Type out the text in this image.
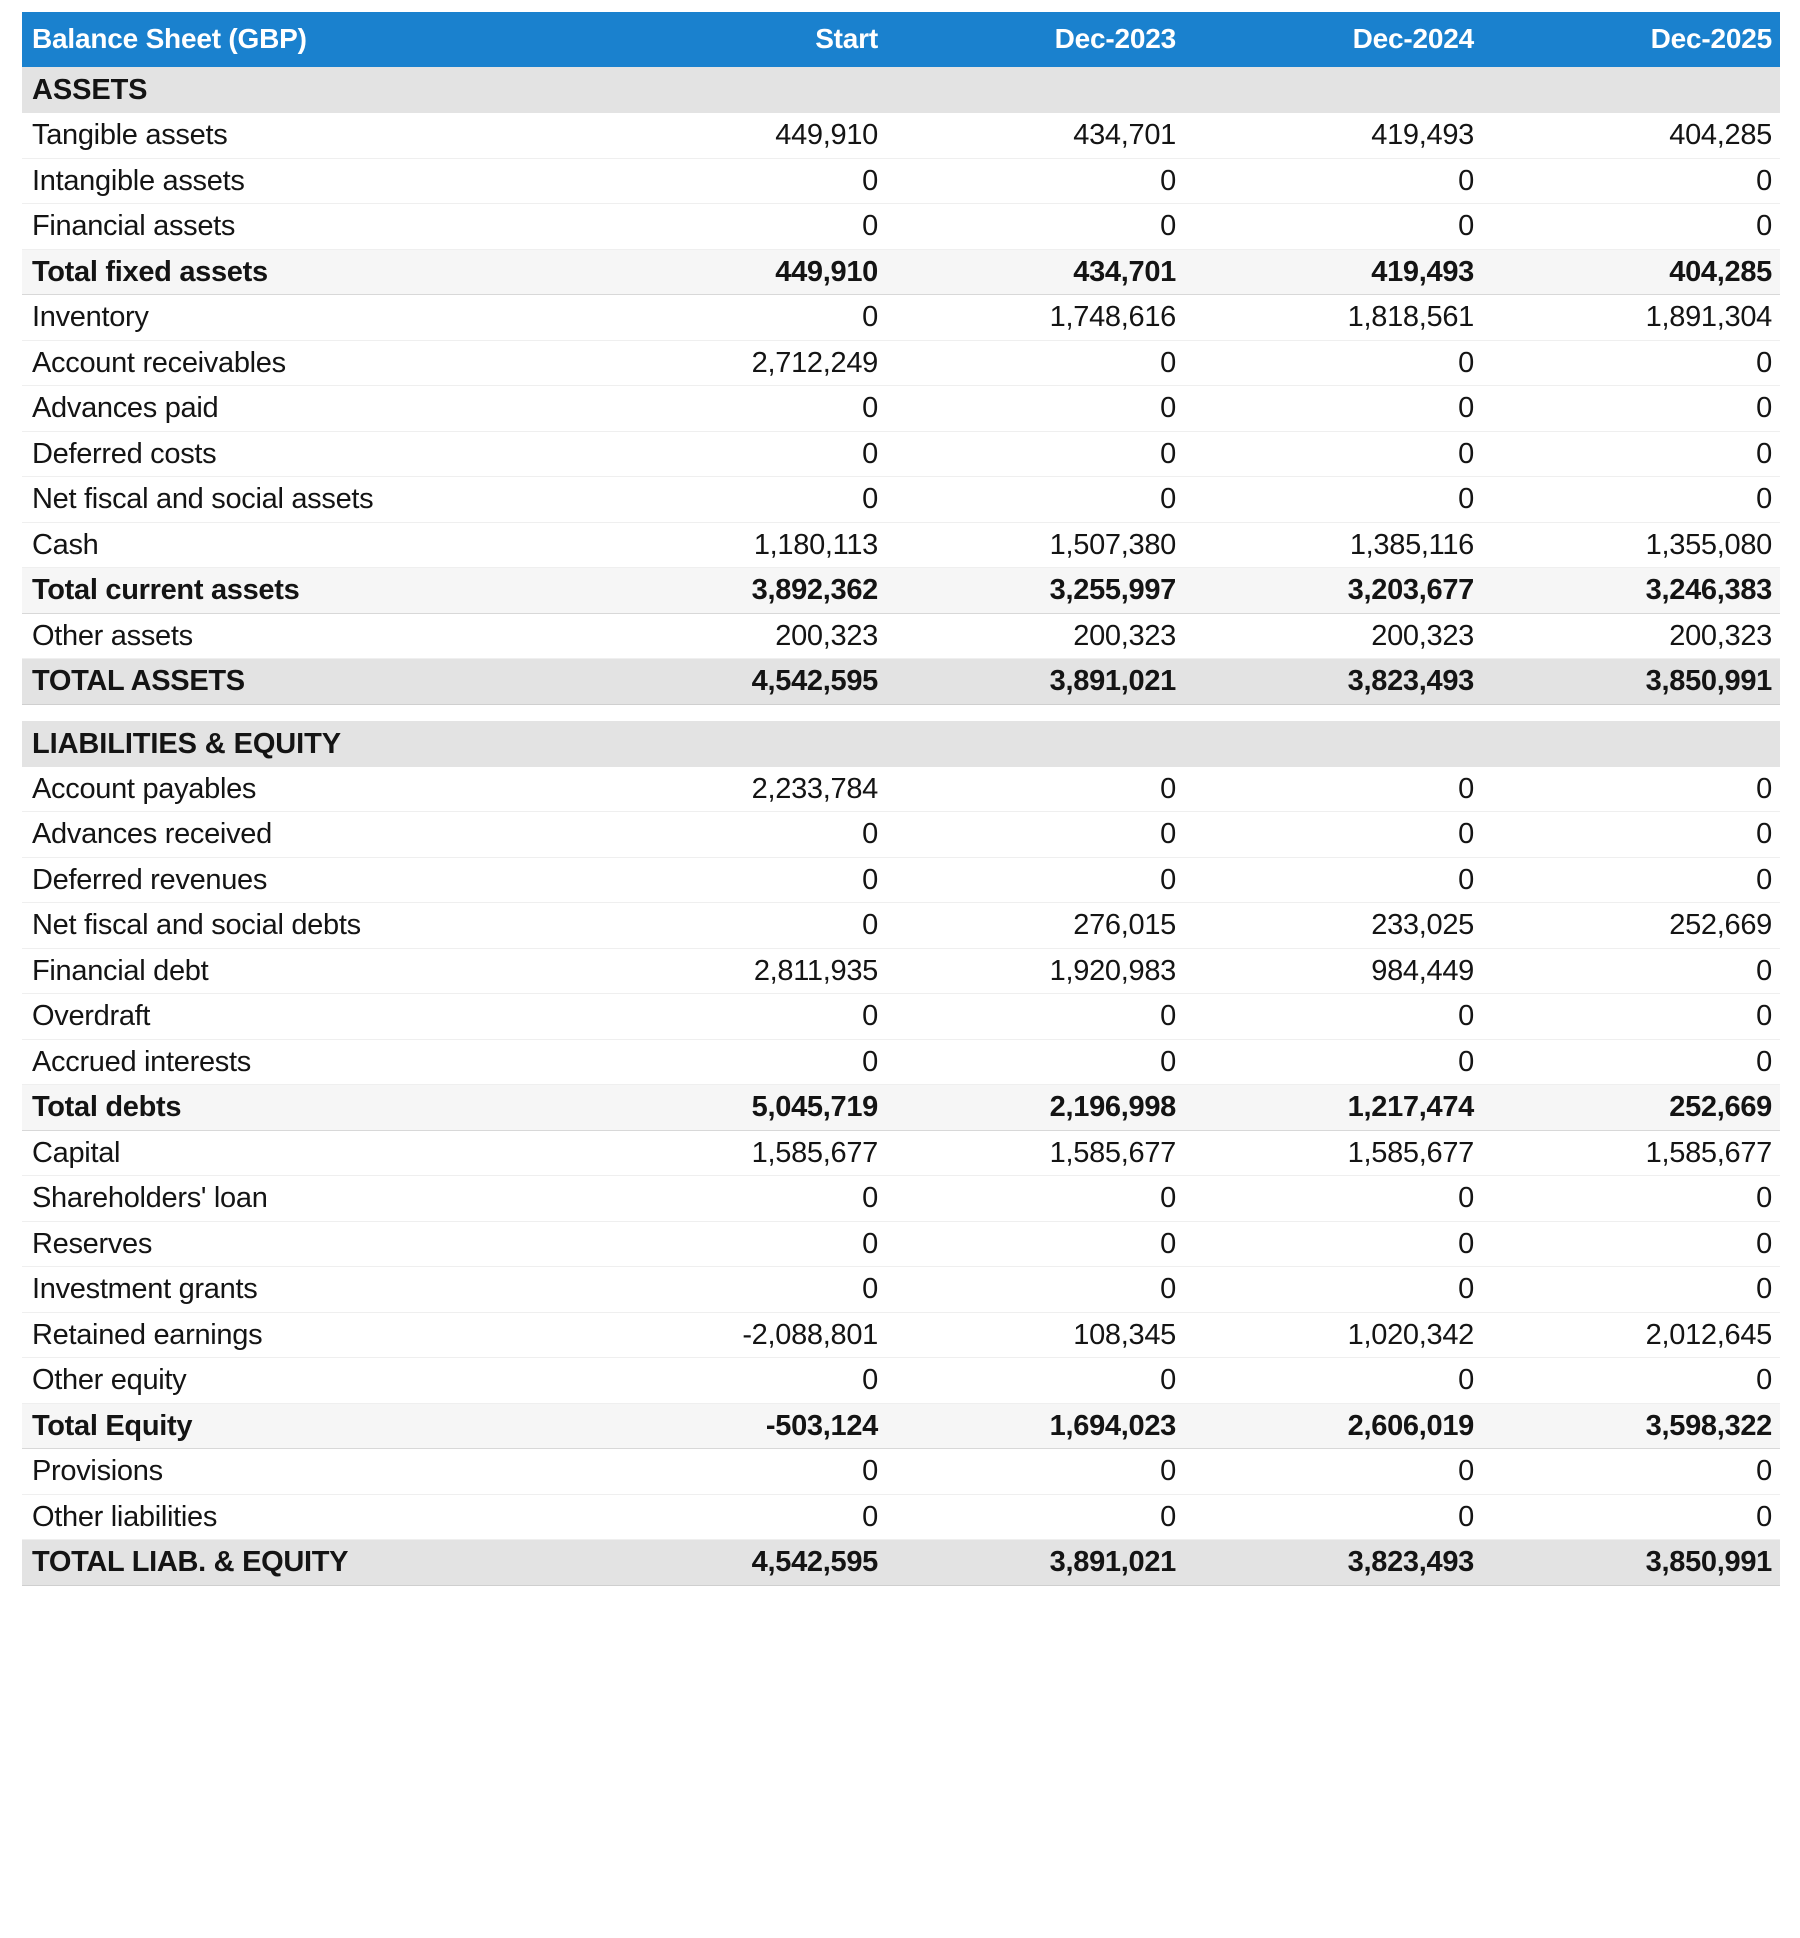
Balance Sheet (GBP)	Start	Dec-2023	Dec-2024	Dec-2025
ASSETS				
Tangible assets	449,910	434,701	419,493	404,285
Intangible assets	0	0	0	0
Financial assets	0	0	0	0
Total fixed assets	449,910	434,701	419,493	404,285
Inventory	0	1,748,616	1,818,561	1,891,304
Account receivables	2,712,249	0	0	0
Advances paid	0	0	0	0
Deferred costs	0	0	0	0
Net fiscal and social assets	0	0	0	0
Cash	1,180,113	1,507,380	1,385,116	1,355,080
Total current assets	3,892,362	3,255,997	3,203,677	3,246,383
Other assets	200,323	200,323	200,323	200,323
TOTAL ASSETS	4,542,595	3,891,021	3,823,493	3,850,991

LIABILITIES & EQUITY				
Account payables	2,233,784	0	0	0
Advances received	0	0	0	0
Deferred revenues	0	0	0	0
Net fiscal and social debts	0	276,015	233,025	252,669
Financial debt	2,811,935	1,920,983	984,449	0
Overdraft	0	0	0	0
Accrued interests	0	0	0	0
Total debts	5,045,719	2,196,998	1,217,474	252,669
Capital	1,585,677	1,585,677	1,585,677	1,585,677
Shareholders' loan	0	0	0	0
Reserves	0	0	0	0
Investment grants	0	0	0	0
Retained earnings	-2,088,801	108,345	1,020,342	2,012,645
Other equity	0	0	0	0
Total Equity	-503,124	1,694,023	2,606,019	3,598,322
Provisions	0	0	0	0
Other liabilities	0	0	0	0
TOTAL LIAB. & EQUITY	4,542,595	3,891,021	3,823,493	3,850,991
